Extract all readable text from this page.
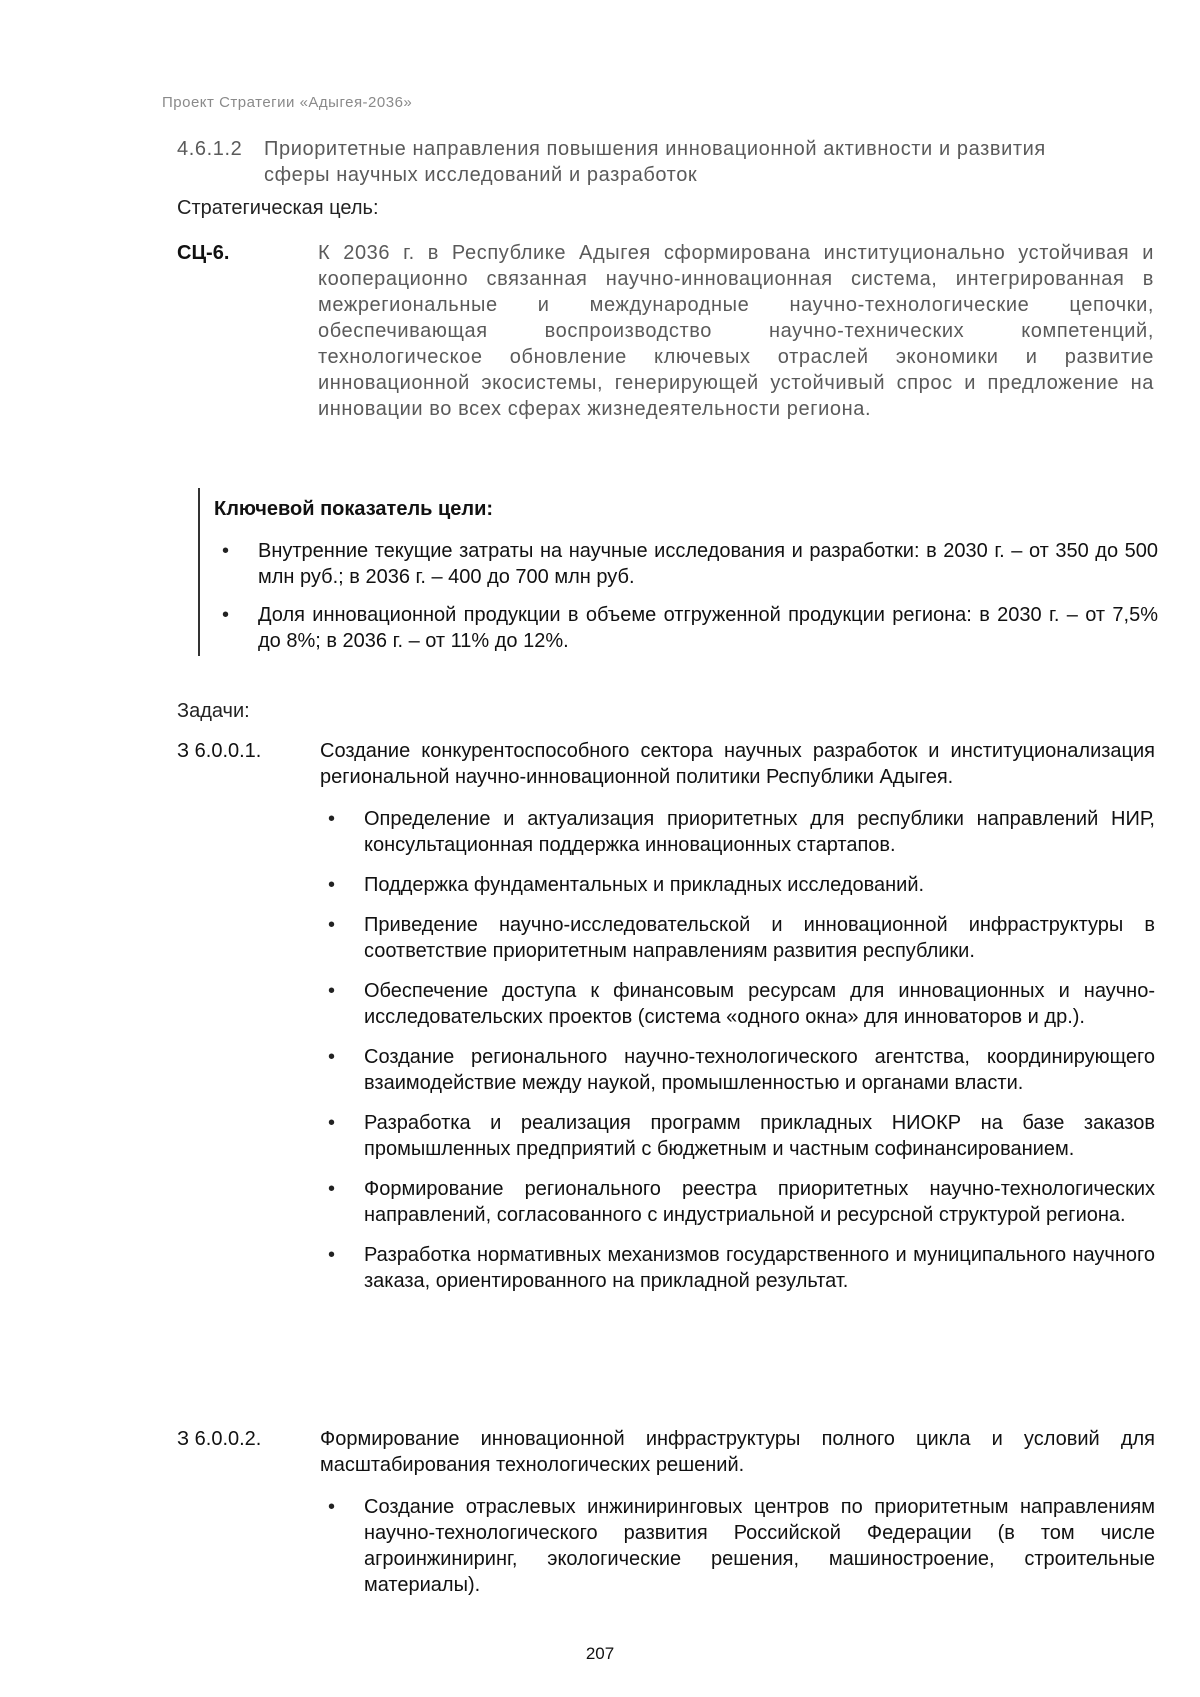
Проект Стратегии «Адыгея-2036»
4.6.1.2	Приоритетные направления повышения инновационной активности и развития сферы научных исследований и разработок
Стратегическая цель:
СЦ-6.	К 2036 г. в Республике Адыгея сформирована институционально устойчивая и кооперационно связанная научно-инновационная система, интегрированная в межрегиональные и международные научно-технологические цепочки, обеспечивающая воспроизводство научно-технических компетенций, технологическое обновление ключевых отраслей экономики и развитие инновационной экосистемы, генерирующей устойчивый спрос и предложение на инновации во всех сферах жизнедеятельности региона.
Ключевой показатель цели:
• Внутренние текущие затраты на научные исследования и разработки: в 2030 г. – от 350 до 500 млн руб.; в 2036 г. – 400 до 700 млн руб.
• Доля инновационной продукции в объеме отгруженной продукции региона: в 2030 г. – от 7,5% до 8%; в 2036 г. – от 11% до 12%.
Задачи:
З 6.0.0.1.	Создание конкурентоспособного сектора научных разработок и институционализация региональной научно-инновационной политики Республики Адыгея.
• Определение и актуализация приоритетных для республики направлений НИР, консультационная поддержка инновационных стартапов.
• Поддержка фундаментальных и прикладных исследований.
• Приведение научно-исследовательской и инновационной инфраструктуры в соответствие приоритетным направлениям развития республики.
• Обеспечение доступа к финансовым ресурсам для инновационных и научно-исследовательских проектов (система «одного окна» для инноваторов и др.).
• Создание регионального научно-технологического агентства, координирующего взаимодействие между наукой, промышленностью и органами власти.
• Разработка и реализация программ прикладных НИОКР на базе заказов промышленных предприятий с бюджетным и частным софинансированием.
• Формирование регионального реестра приоритетных научно-технологических направлений, согласованного с индустриальной и ресурсной структурой региона.
• Разработка нормативных механизмов государственного и муниципального научного заказа, ориентированного на прикладной результат.
З 6.0.0.2.	Формирование инновационной инфраструктуры полного цикла и условий для масштабирования технологических решений.
• Создание отраслевых инжиниринговых центров по приоритетным направлениям научно-технологического развития Российской Федерации (в том числе агроинжиниринг, экологические решения, машиностроение, строительные материалы).
207
